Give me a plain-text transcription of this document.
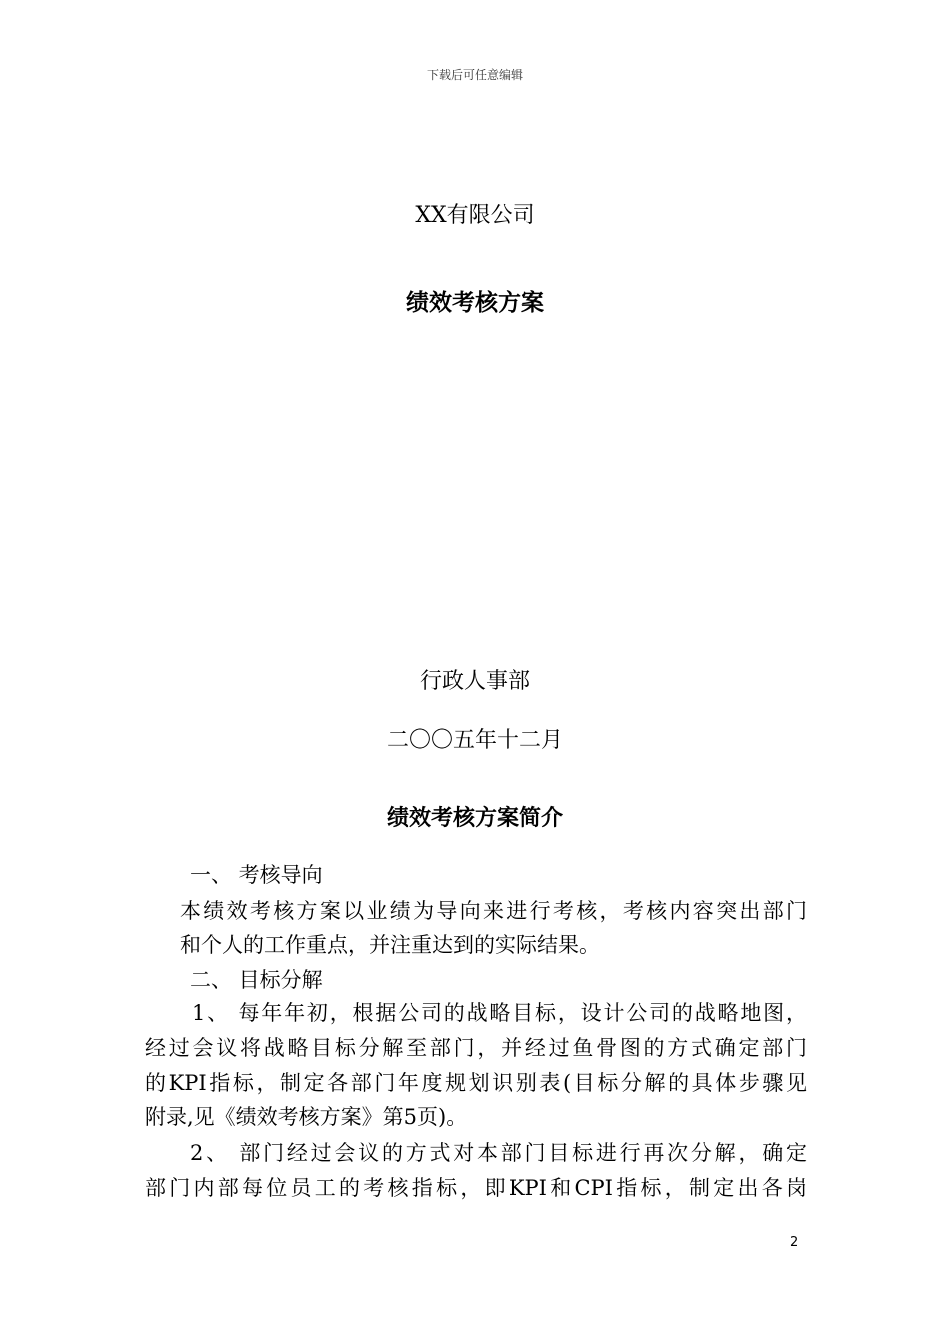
下载后可任意编辑
XX有限公司
绩效考核方案
行政人事部
二〇〇五年十二月
绩效考核方案简介
一、 考核导向
本绩效考核方案以业绩为导向来进行考核，考核内容突出部门
和个人的工作重点，并注重达到的实际结果。
二、 目标分解
1、 每年年初，根据公司的战略目标，设计公司的战略地图，
经过会议将战略目标分解至部门，并经过鱼骨图的方式确定部门
的KPI指标，制定各部门年度规划识别表(目标分解的具体步骤见
附录,见《绩效考核方案》第5页)。
2、 部门经过会议的方式对本部门目标进行再次分解，确定
部门内部每位员工的考核指标，即KPI和CPI指标，制定出各岗
2
